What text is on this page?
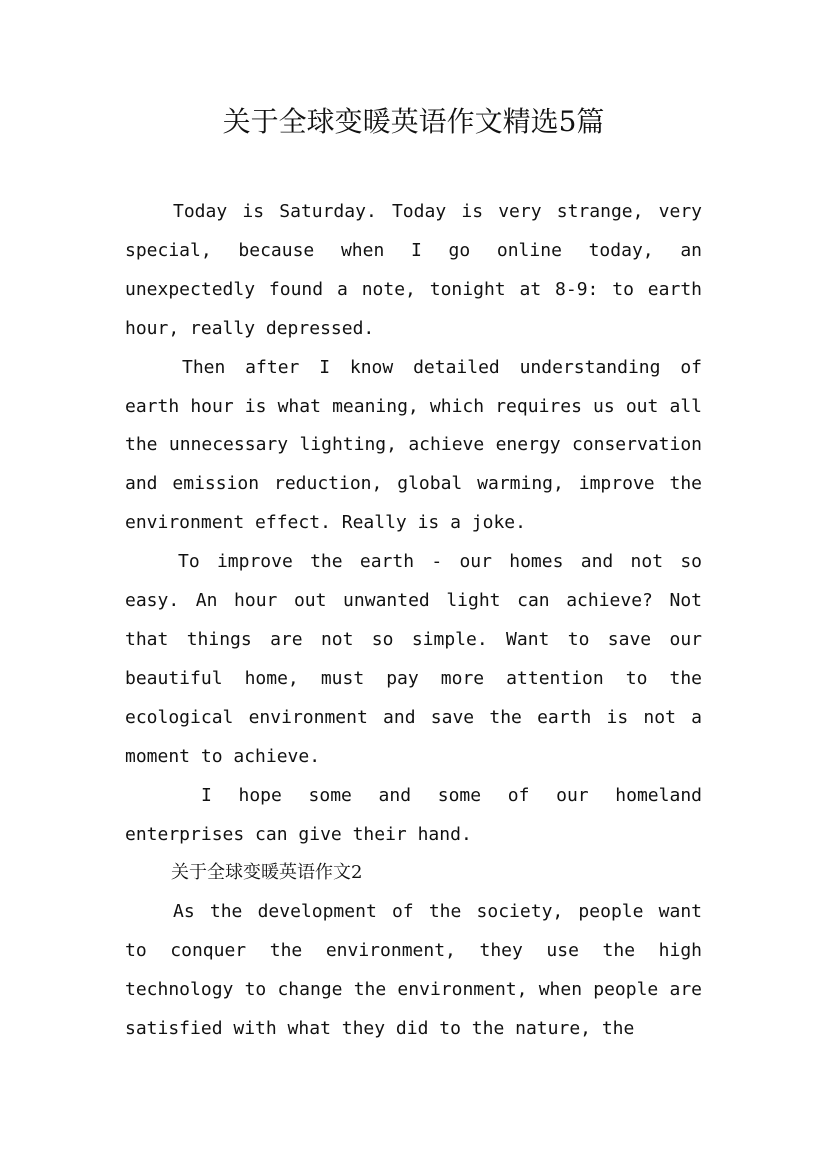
关于全球变暖英语作文精选5篇

Today is Saturday. Today is very strange, very special, because when I go online today, an unexpectedly found a note, tonight at 8-9: to earth hour, really depressed.

Then after I know detailed understanding of earth hour is what meaning, which requires us out all the unnecessary lighting, achieve energy conservation and emission reduction, global warming, improve the environment effect. Really is a joke.

To improve the earth - our homes and not so easy. An hour out unwanted light can achieve? Not that things are not so simple. Want to save our beautiful home, must pay more attention to the ecological environment and save the earth is not a moment to achieve.

I hope some and some of our homeland enterprises can give their hand.

关于全球变暖英语作文2

As the development of the society, people want to conquer the environment, they use the high technology to change the environment, when people are satisfied with what they did to the nature, the
